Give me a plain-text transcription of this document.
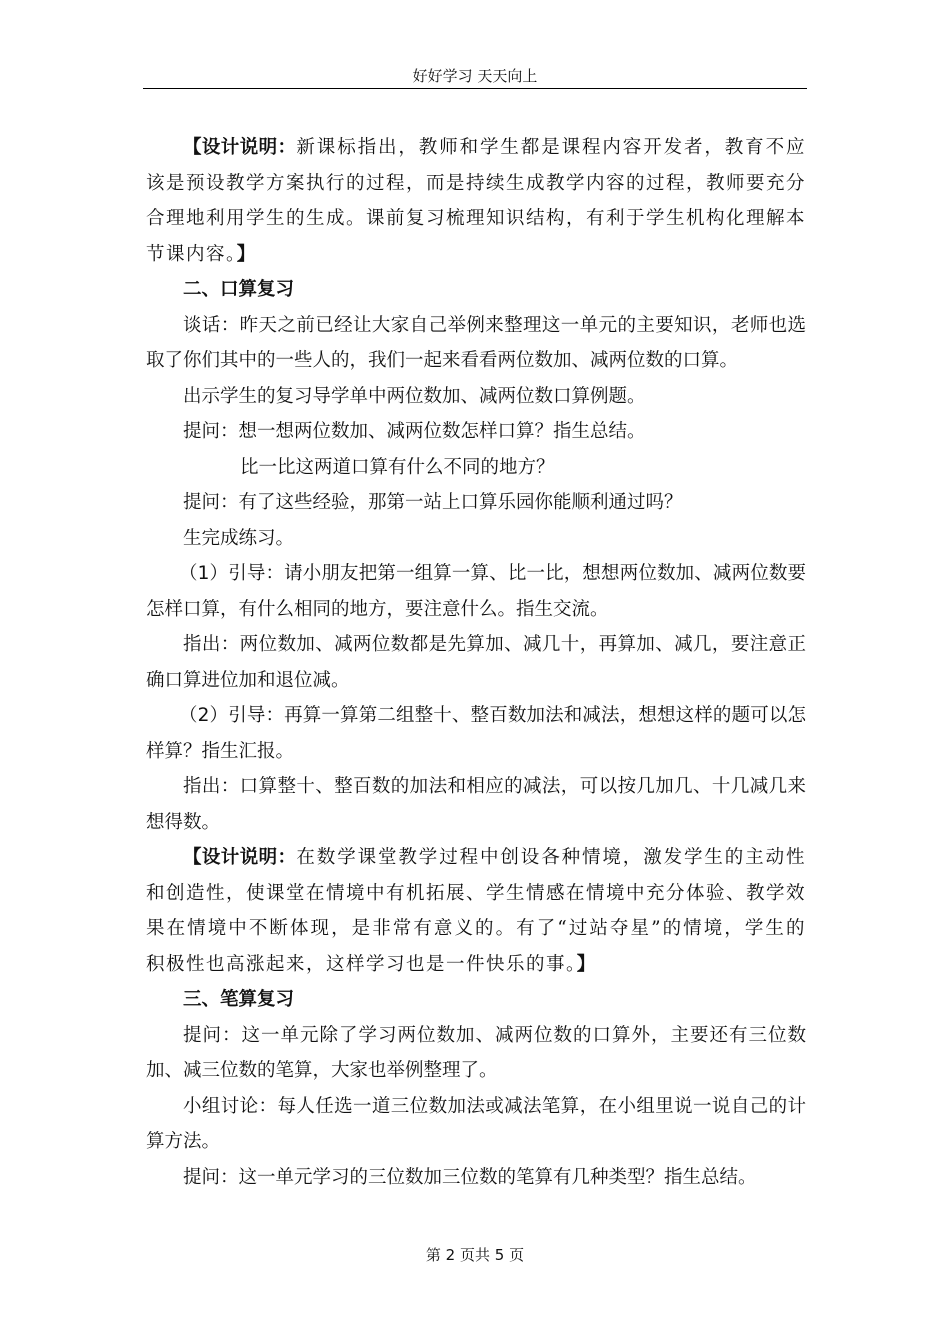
好好学习 天天向上

【设计说明：新课标指出，教师和学生都是课程内容开发者，教育不应该是预设教学方案执行的过程，而是持续生成教学内容的过程，教师要充分合理地利用学生的生成。课前复习梳理知识结构，有利于学生机构化理解本节课内容。】

二、口算复习

谈话：昨天之前已经让大家自己举例来整理这一单元的主要知识，老师也选取了你们其中的一些人的，我们一起来看看两位数加、减两位数的口算。

出示学生的复习导学单中两位数加、减两位数口算例题。

提问：想一想两位数加、减两位数怎样口算？指生总结。

比一比这两道口算有什么不同的地方？

提问：有了这些经验，那第一站上口算乐园你能顺利通过吗？

生完成练习。

（1）引导：请小朋友把第一组算一算、比一比，想想两位数加、减两位数要怎样口算，有什么相同的地方，要注意什么。指生交流。

指出：两位数加、减两位数都是先算加、减几十，再算加、减几，要注意正确口算进位加和退位减。

（2）引导：再算一算第二组整十、整百数加法和减法，想想这样的题可以怎样算？指生汇报。

指出：口算整十、整百数的加法和相应的减法，可以按几加几、十几减几来想得数。

【设计说明：在数学课堂教学过程中创设各种情境，激发学生的主动性和创造性，使课堂在情境中有机拓展、学生情感在情境中充分体验、教学效果在情境中不断体现，是非常有意义的。有了“过站夺星”的情境，学生的积极性也高涨起来，这样学习也是一件快乐的事。】

三、笔算复习

提问：这一单元除了学习两位数加、减两位数的口算外，主要还有三位数加、减三位数的笔算，大家也举例整理了。

小组讨论：每人任选一道三位数加法或减法笔算，在小组里说一说自己的计算方法。

提问：这一单元学习的三位数加三位数的笔算有几种类型？指生总结。

第 2 页共 5 页
